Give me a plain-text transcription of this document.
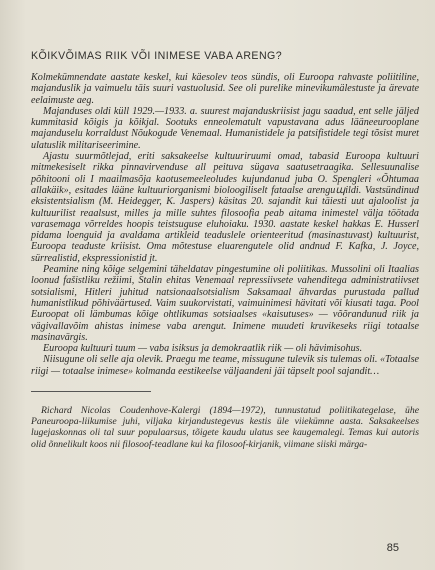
KÕIKVÕIMAS RIIK VÕI INIMESE VABA ARENG?

Kolmekümnendate aastate keskel, kui käesolev teos sündis, oli Euroopa rahvaste poliitiline, majanduslik ja vaimuelu täis suuri vastuolusid. See oli purelike minevikumälestuste ja ärevate eelaimuste aeg.

Majanduses oldi küll 1929.—1933. a. suurest majanduskriisist jagu saadud, ent selle jäljed kummitasid kõigis ja kõikjal. Sootuks enneolematult vapustavana adus lääneeurooplane majanduselu korraldust Nõukogude Venemaal. Humanistidele ja patsifistidele tegi tõsist muret ulatuslik militariseerimine.

Ajastu suurmõtlejad, eriti saksakeelse kultuuriruumi omad, tabasid Euroopa kultuuri mitmekesiselt rikka pinnavirvenduse all peituva sügava saatusetraagika. Sellesuunalise põhitooni oli I maailmasõja kaotusemeeleoludes kujundanud juba O. Spengleri «Õhtumaa allakäik», esitades lääne kultuuriorganismi bioloogiliselt fataalse arenguպildi. Vastsündinud eksistentsialism (M. Heidegger, K. Jaspers) käsitas 20. sajandit kui täiesti uut ajaloolist ja kultuurilist reaalsust, milles ja mille suhtes filosoofia peab aitama inimestel välja töötada varasemaga võrreldes hoopis teistsuguse eluhoiaku. 1930. aastate keskel hakkas E. Husserl pidama loenguid ja avaldama artikleid teaduslele orienteeritud (masinastuvast) kultuurist, Euroopa teaduste kriisist. Oma mõtestuse eluarengutele olid andnud F. Kafka, J. Joyce, sürrealistid, ekspressionistid jt.

Peamine ning kõige selgemini täheldatav pingestumine oli poliitikas. Mussolini oli Itaalias loonud fašistliku režiimi, Stalin ehitas Venemaal repressiivsete vahenditega administratiivset sotsialismi, Hitleri juhitud natsionaalsotsialism Saksamaal ähvardas purustada pallud humanistlikud põhiväärtused. Vaim suukorvistati, vaimuinimesi hävitati või kiusati taga. Pool Euroopat oli lämbumas kõige ohtlikumas sotsiaalses «kaisutuses» — võõrandunud riik ja vägivallavõim ahistas inimese vaba arengut. Inimene muudeti kruvikeseks riigi totaalse masinavärgis.

Euroopa kultuuri tuum — vaba isiksus ja demokraatlik riik — oli hävimisohus.

Niisugune oli selle aja olevik. Praegu me teame, missugune tulevik sis tulemas oli. «Totaalse riigi — totaalse inimese» kolmanda eestikeelse väljaandeni jäi täpselt pool sajandit…

Richard Nicolas Coudenhove-Kalergi (1894—1972), tunnustatud poliitikategelase, ühe Paneuroopa-liikumise juhi, viljaka kirjandustegevus kestis üle viiekümne aasta. Saksakeelses lugejaskonnas oli tal suur populaarsus, tõigete kaudu ulatus see kaugemalegi. Temas kui autoris olid õnnelikult koos nii filosoof-teadlane kui ka filosoof-kirjanik, viimane siiski märga-
85
